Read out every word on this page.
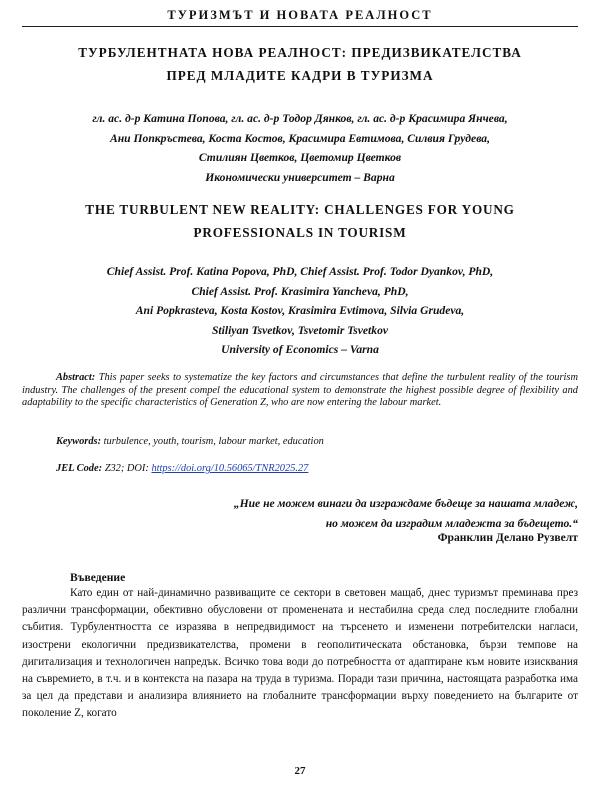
ТУРИЗМЪТ И НОВАТА РЕАЛНОСТ
ТУРБУЛЕНТНАТА НОВА РЕАЛНОСТ: ПРЕДИЗВИКАТЕЛСТВА
ПРЕД МЛАДИТЕ КАДРИ В ТУРИЗМА
гл. ас. д-р Катина Попова, гл. ас. д-р Тодор Дянков, гл. ас. д-р Красимира Янчева,
Ани Попкръстева, Коста Костов, Красимира Евтимова, Силвия Грудева,
Стилиян Цветков, Цветомир Цветков
Икономически университет – Варна
THE TURBULENT NEW REALITY: CHALLENGES FOR YOUNG
PROFESSIONALS IN TOURISM
Chief Assist. Prof. Katina Popova, PhD, Chief Assist. Prof. Todor Dyankov, PhD,
Chief Assist. Prof. Krasimira Yancheva, PhD,
Ani Popkrasteva, Kosta Kostov, Krasimira Evtimova, Silvia Grudeva,
Stiliyan Tsvetkov, Tsvetomir Tsvetkov
University of Economics – Varna
Abstract: This paper seeks to systematize the key factors and circumstances that define the turbulent reality of the tourism industry. The challenges of the present compel the educational system to demonstrate the highest possible degree of flexibility and adaptability to the specific characteristics of Generation Z, who are now entering the labour market.
Keywords: turbulence, youth, tourism, labour market, education
JEL Code: Z32; DOI: https://doi.org/10.56065/TNR2025.27
„Ние не можем винаги да изграждаме бъдеще за нашата младеж,
но можем да изградим младежта за бъдещето.“
Франклин Делано Рузвелт
Въведение
Като един от най-динамично развиващите се сектори в световен мащаб, днес туризмът преминава през различни трансформации, обективно обусловени от променената и нестабилна среда след последните глобални събития. Турбулентността се изразява в непредвидимост на търсенето и изменени потребителски нагласи, изострени екологични предизвикателства, промени в геополитическата обстановка, бързи темпове на дигитализация и технологичен напредък. Всичко това води до потребността от адаптиране към новите изисквания на съвремието, в т.ч. и в контекста на пазара на труда в туризма. Поради тази причина, настоящата разработка има за цел да представи и анализира влиянието на глобалните трансформации върху поведението на българите от поколение Z, когато
27
